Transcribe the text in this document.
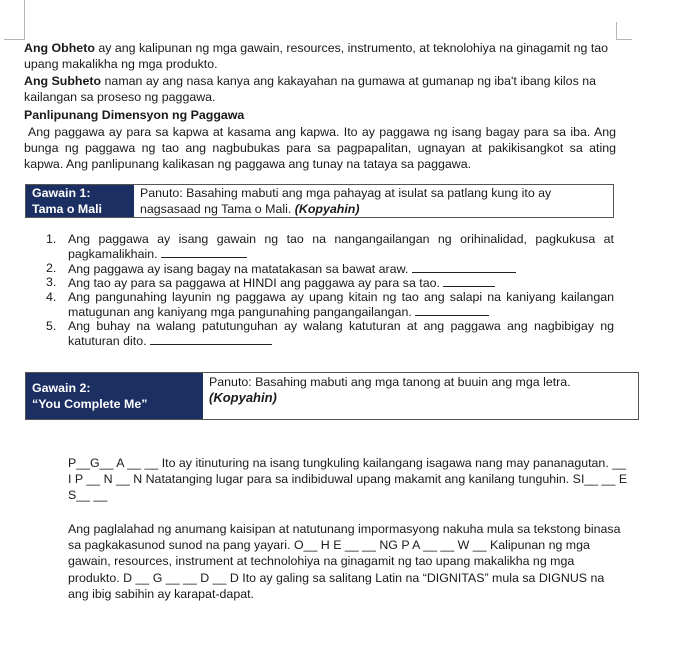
Ang Obheto ay ang kalipunan ng mga gawain, resources, instrumento, at teknolohiya na ginagamit ng tao upang makalikha ng mga produkto.
Ang Subheto naman ay ang nasa kanya ang kakayahan na gumawa at gumanap ng iba't ibang kilos na kailangan sa proseso ng paggawa.
Panlipunang Dimensyon ng Paggawa
Ang paggawa ay para sa kapwa at kasama ang kapwa. Ito ay paggawa ng isang bagay para sa iba. Ang bunga ng paggawa ng tao ang nagbubukas para sa pagpapalitan, ugnayan at pakikisangkot sa ating kapwa. Ang panlipunang kalikasan ng paggawa ang tunay na tataya sa paggawa.
Gawain 1:
Tama o Mali
Panuto: Basahing mabuti ang mga pahayag at isulat sa patlang kung ito ay nagsasaad ng Tama o Mali. (Kopyahin)
1. Ang paggawa ay isang gawain ng tao na nangangailangan ng orihinalidad, pagkukusa at pagkamalikhain.
2. Ang paggawa ay isang bagay na matatakasan sa bawat araw.
3. Ang tao ay para sa paggawa at HINDI ang paggawa ay para sa tao.
4. Ang pangunahing layunin ng paggawa ay upang kitain ng tao ang salapi na kaniyang kailangan matugunan ang kaniyang mga pangunahing pangangailangan.
5. Ang buhay na walang patutunguhan ay walang katuturan at ang paggawa ang nagbibigay ng katuturan dito.
Gawain 2:
“You Complete Me”
Panuto: Basahing mabuti ang mga tanong at buuin ang mga letra.
(Kopyahin)
P__G__ A __ __ Ito ay itinuturing na isang tungkuling kailangang isagawa nang may pananagutan. __ I P __ N __ N Natatanging lugar para sa indibiduwal upang makamit ang kanilang tunguhin. SI__ __ E S__ __
Ang paglalahad ng anumang kaisipan at natutunang impormasyong nakuha mula sa tekstong binasa sa pagkakasunod sunod na pang yayari. O__ H E __ __ NG P A __ __ W __ Kalipunan ng mga gawain, resources, instrument at technolohiya na ginagamit ng tao upang makalikha ng mga produkto. D __ G __ __ D __ D Ito ay galing sa salitang Latin na “DIGNITAS” mula sa DIGNUS na ang ibig sabihin ay karapat-dapat.
